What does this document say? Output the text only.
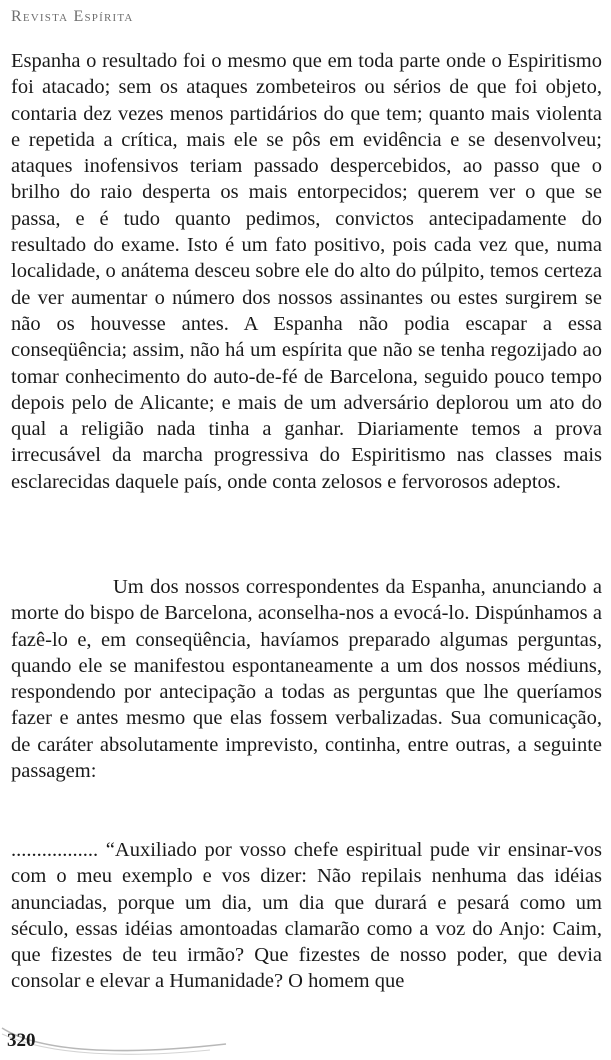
Revista Espírita

Espanha o resultado foi o mesmo que em toda parte onde o Espiritismo foi atacado; sem os ataques zombeteiros ou sérios de que foi objeto, contaria dez vezes menos partidários do que tem; quanto mais violenta e repetida a crítica, mais ele se pôs em evidência e se desenvolveu; ataques inofensivos teriam passado despercebidos, ao passo que o brilho do raio desperta os mais entorpecidos; querem ver o que se passa, e é tudo quanto pedimos, convictos antecipadamente do resultado do exame. Isto é um fato positivo, pois cada vez que, numa localidade, o anátema desceu sobre ele do alto do púlpito, temos certeza de ver aumentar o número dos nossos assinantes ou estes surgirem se não os houvesse antes. A Espanha não podia escapar a essa conseqüência; assim, não há um espírita que não se tenha regozijado ao tomar conhecimento do auto-de-fé de Barcelona, seguido pouco tempo depois pelo de Alicante; e mais de um adversário deplorou um ato do qual a religião nada tinha a ganhar. Diariamente temos a prova irrecusável da marcha progressiva do Espiritismo nas classes mais esclarecidas daquele país, onde conta zelosos e fervorosos adeptos.

Um dos nossos correspondentes da Espanha, anunciando a morte do bispo de Barcelona, aconselha-nos a evocá-lo. Dispúnhamos a fazê-lo e, em conseqüência, havíamos preparado algumas perguntas, quando ele se manifestou espontaneamente a um dos nossos médiuns, respondendo por antecipação a todas as perguntas que lhe queríamos fazer e antes mesmo que elas fossem verbalizadas. Sua comunicação, de caráter absolutamente imprevisto, continha, entre outras, a seguinte passagem:

................. “Auxiliado por vosso chefe espiritual pude vir ensinar-vos com o meu exemplo e vos dizer: Não repilais nenhuma das idéias anunciadas, porque um dia, um dia que durará e pesará como um século, essas idéias amontoadas clamarão como a voz do Anjo: Caim, que fizestes de teu irmão? Que fizestes de nosso poder, que devia consolar e elevar a Humanidade? O homem que

320
